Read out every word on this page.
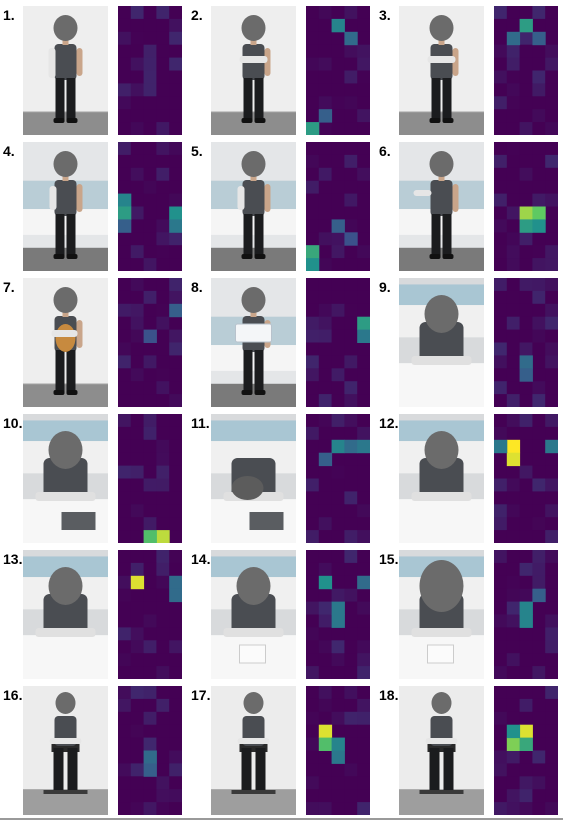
1.	2.	3.
4.	5.	6.
7.	8.	9.
10.	11.	12.
13.	14.	15.
16.	17.	18.
